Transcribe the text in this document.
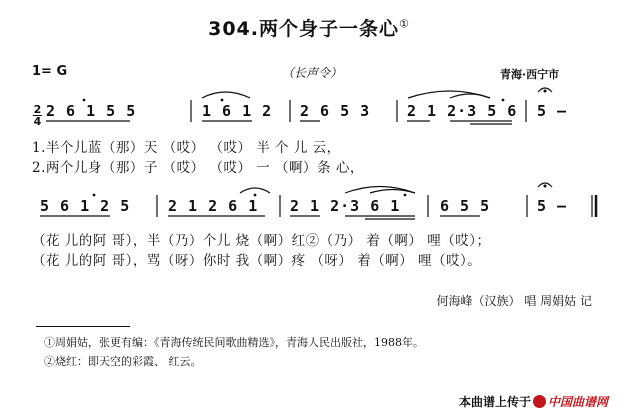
304.两个身子一条心①
1= G	（长声令）	青海·西宁市
2
4
2 6 1 5 5	1 6 1 2 2 6 5 3 2 1 2·3 5 6 5 –
1.半个儿蓝（那）天 （哎） （哎） 半 个 儿 云，
2.两个儿身（那）子 （哎） （哎） 一 （啊）条 心，
5 6 1 2 5	2 1 2 6 1 2 1 2·3 6 1	6 5 5	5 –
（花 儿的阿 哥），半（乃）个儿 烧（啊）红②（乃） 着（啊） 哩（哎）；
（花 儿的阿 哥），骂（呀）你时 我（啊）疼 （呀） 着（啊） 哩（哎）。
何海峰（汉族） 唱 周娟姑 记
①周娟姑，张更有编：《青海传统民间歌曲精选》，青海人民出版社，1988年。
②烧红：即天空的彩霞、 红云。
本曲谱上传于 中国曲谱网
